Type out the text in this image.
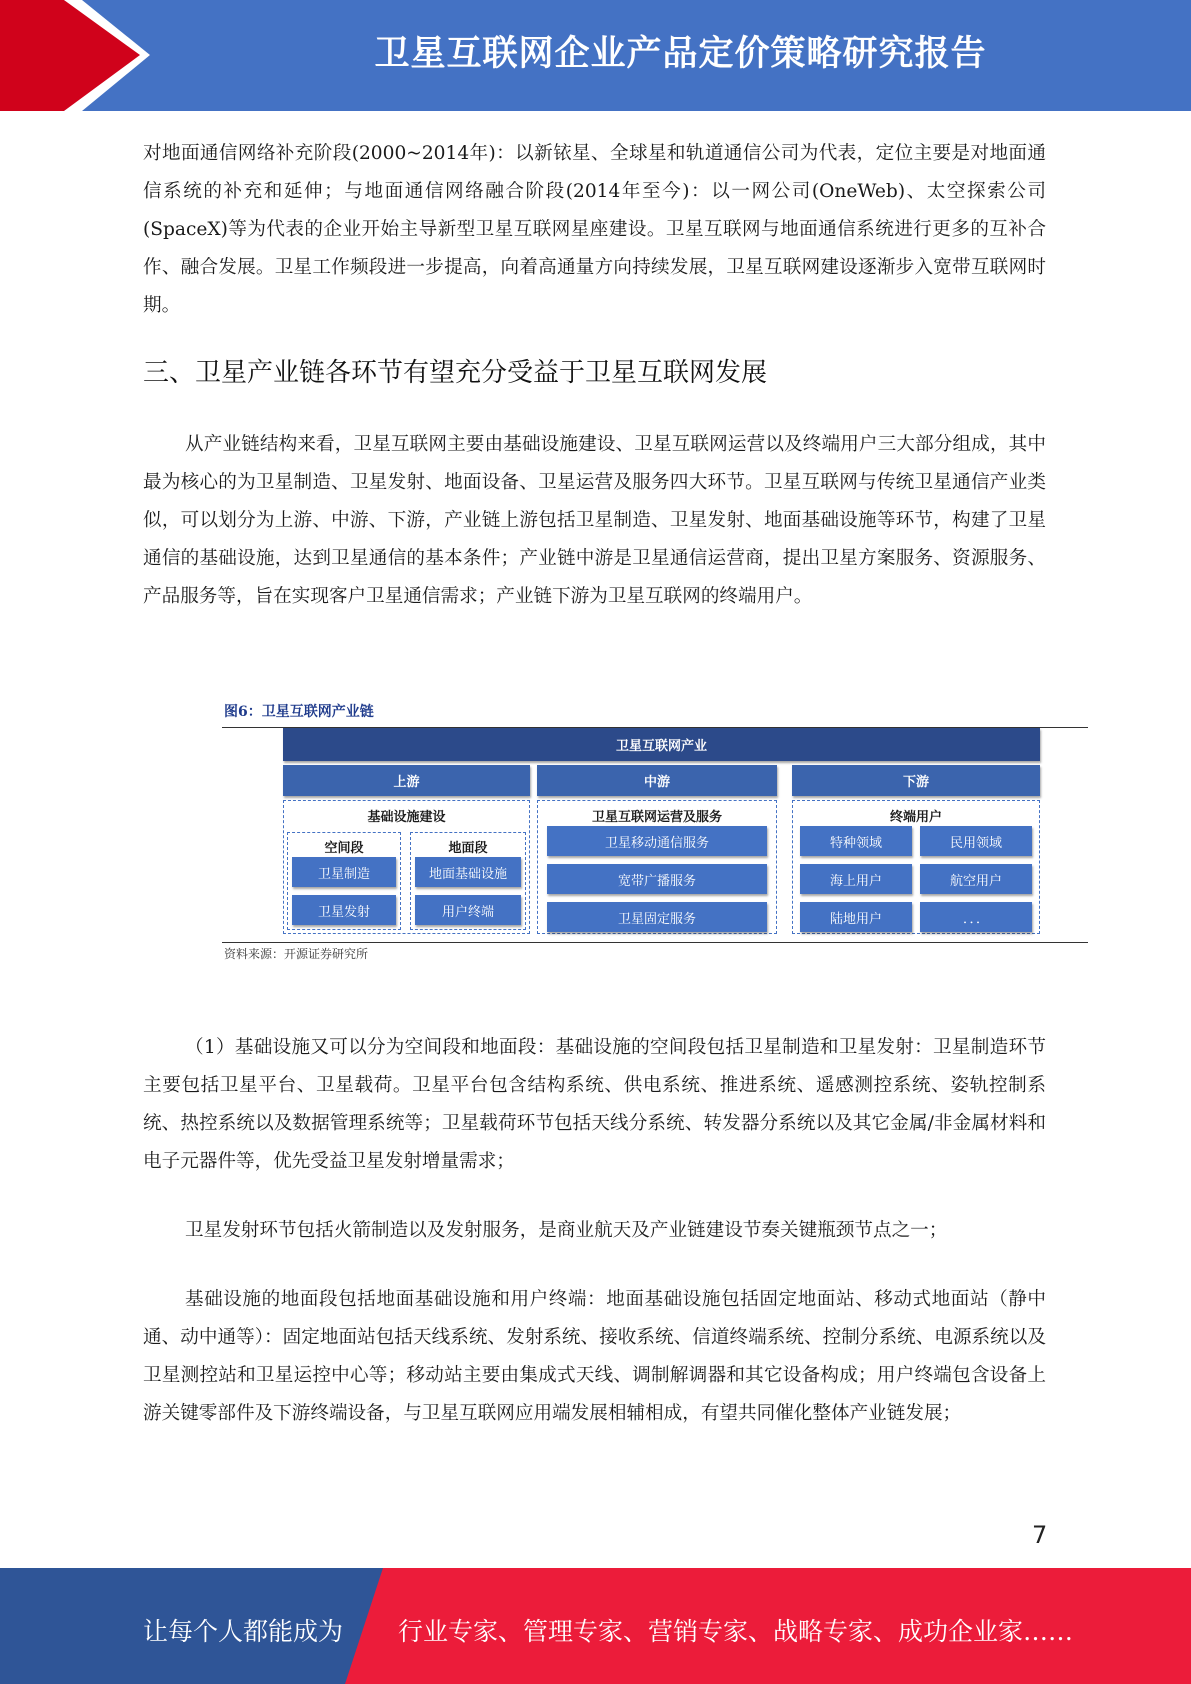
卫星互联网企业产品定价策略研究报告
对地面通信网络补充阶段(2000~2014年)：以新铱星、全球星和轨道通信公司为代表，定位主要是对地面通信系统的补充和延伸；与地面通信网络融合阶段(2014年至今)：以一网公司(OneWeb)、太空探索公司(SpaceX)等为代表的企业开始主导新型卫星互联网星座建设。卫星互联网与地面通信系统进行更多的互补合作、融合发展。卫星工作频段进一步提高，向着高通量方向持续发展，卫星互联网建设逐渐步入宽带互联网时期。
三、卫星产业链各环节有望充分受益于卫星互联网发展
从产业链结构来看，卫星互联网主要由基础设施建设、卫星互联网运营以及终端用户三大部分组成，其中最为核心的为卫星制造、卫星发射、地面设备、卫星运营及服务四大环节。卫星互联网与传统卫星通信产业类似，可以划分为上游、中游、下游，产业链上游包括卫星制造、卫星发射、地面基础设施等环节，构建了卫星通信的基础设施，达到卫星通信的基本条件；产业链中游是卫星通信运营商，提出卫星方案服务、资源服务、产品服务等，旨在实现客户卫星通信需求；产业链下游为卫星互联网的终端用户。
图6：卫星互联网产业链
卫星互联网产业
上游	中游	下游
基础设施建设
空间段
卫星制造
卫星发射
地面段
地面基础设施
用户终端
卫星互联网运营及服务
卫星移动通信服务
宽带广播服务
卫星固定服务
终端用户
特种领域	民用领域
海上用户	航空用户
陆地用户	．．．
资料来源：开源证券研究所
（1）基础设施又可以分为空间段和地面段：基础设施的空间段包括卫星制造和卫星发射：卫星制造环节主要包括卫星平台、卫星载荷。卫星平台包含结构系统、供电系统、推进系统、遥感测控系统、姿轨控制系统、热控系统以及数据管理系统等；卫星载荷环节包括天线分系统、转发器分系统以及其它金属/非金属材料和电子元器件等，优先受益卫星发射增量需求；
卫星发射环节包括火箭制造以及发射服务，是商业航天及产业链建设节奏关键瓶颈节点之一；
基础设施的地面段包括地面基础设施和用户终端：地面基础设施包括固定地面站、移动式地面站（静中通、动中通等）：固定地面站包括天线系统、发射系统、接收系统、信道终端系统、控制分系统、电源系统以及卫星测控站和卫星运控中心等；移动站主要由集成式天线、调制解调器和其它设备构成；用户终端包含设备上游关键零部件及下游终端设备，与卫星互联网应用端发展相辅相成，有望共同催化整体产业链发展；
7
让每个人都能成为 行业专家、管理专家、营销专家、战略专家、成功企业家……
